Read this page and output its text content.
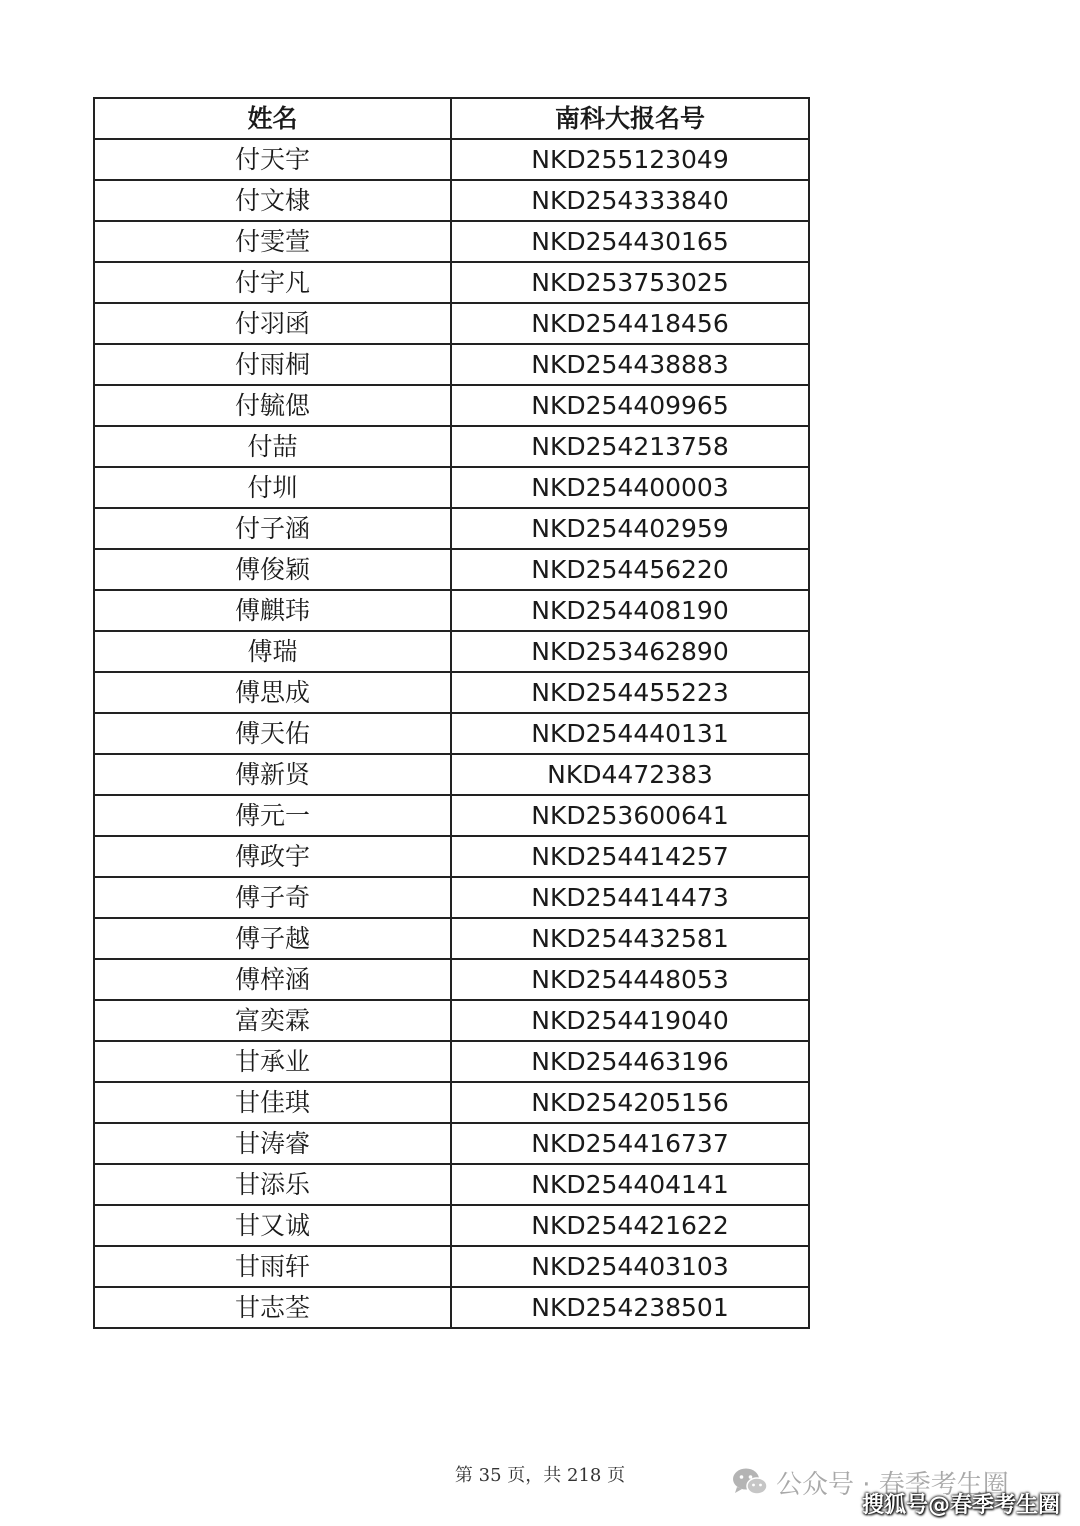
姓名	南科大报名号
付天宇	NKD255123049
付文棣	NKD254333840
付雯萱	NKD254430165
付宇凡	NKD253753025
付羽函	NKD254418456
付雨桐	NKD254438883
付毓偲	NKD254409965
付喆	NKD254213758
付圳	NKD254400003
付子涵	NKD254402959
傅俊颖	NKD254456220
傅麒玮	NKD254408190
傅瑞	NKD253462890
傅思成	NKD254455223
傅天佑	NKD254440131
傅新贤	NKD4472383
傅元一	NKD253600641
傅政宇	NKD254414257
傅子奇	NKD254414473
傅子越	NKD254432581
傅梓涵	NKD254448053
富奕霖	NKD254419040
甘承业	NKD254463196
甘佳琪	NKD254205156
甘涛睿	NKD254416737
甘添乐	NKD254404141
甘又诚	NKD254421622
甘雨轩	NKD254403103
甘志荃	NKD254238501
第 35 页，共 218 页	公众号 · 春季考生圈
搜狐号@春季考生圈
